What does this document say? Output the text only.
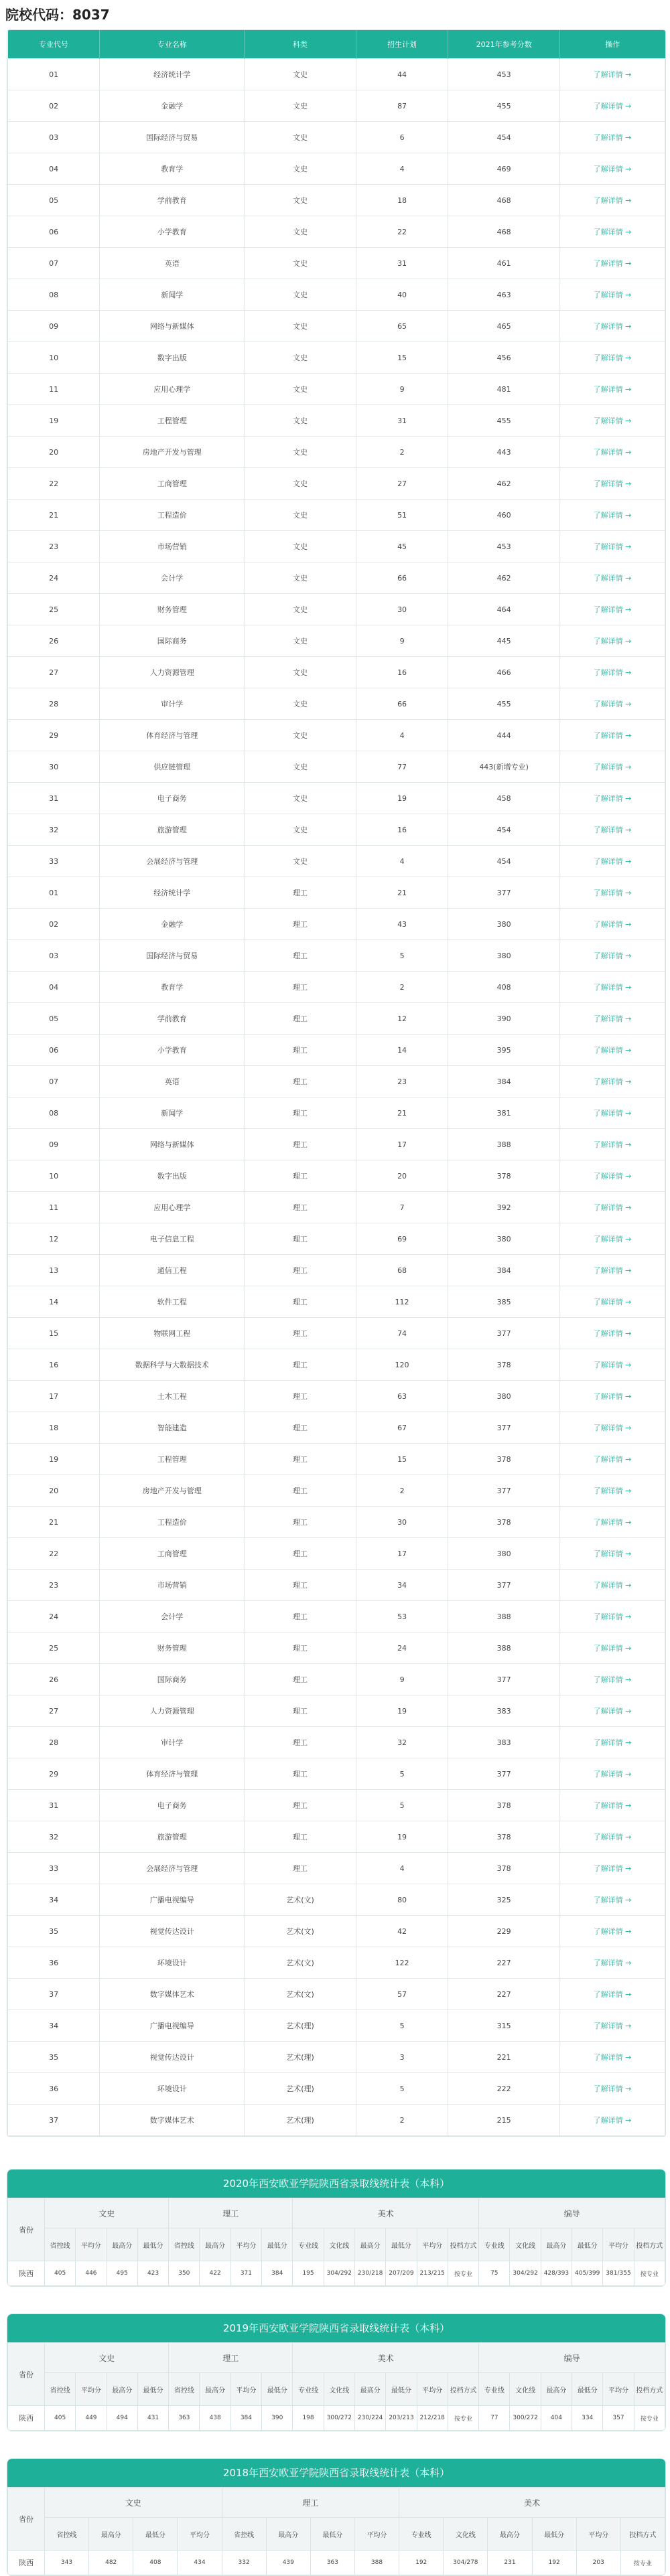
院校代码：8037
专业代号	专业名称	科类	招生计划	2021年参考分数	操作
01	经济统计学	文史	44	453	了解详情 →
02	金融学	文史	87	455	了解详情 →
03	国际经济与贸易	文史	6	454	了解详情 →
04	教育学	文史	4	469	了解详情 →
05	学前教育	文史	18	468	了解详情 →
06	小学教育	文史	22	468	了解详情 →
07	英语	文史	31	461	了解详情 →
08	新闻学	文史	40	463	了解详情 →
09	网络与新媒体	文史	65	465	了解详情 →
10	数字出版	文史	15	456	了解详情 →
11	应用心理学	文史	9	481	了解详情 →
19	工程管理	文史	31	455	了解详情 →
20	房地产开发与管理	文史	2	443	了解详情 →
22	工商管理	文史	27	462	了解详情 →
21	工程造价	文史	51	460	了解详情 →
23	市场营销	文史	45	453	了解详情 →
24	会计学	文史	66	462	了解详情 →
25	财务管理	文史	30	464	了解详情 →
26	国际商务	文史	9	445	了解详情 →
27	人力资源管理	文史	16	466	了解详情 →
28	审计学	文史	66	455	了解详情 →
29	体育经济与管理	文史	4	444	了解详情 →
30	供应链管理	文史	77	443(新增专业)	了解详情 →
31	电子商务	文史	19	458	了解详情 →
32	旅游管理	文史	16	454	了解详情 →
33	会展经济与管理	文史	4	454	了解详情 →
01	经济统计学	理工	21	377	了解详情 →
02	金融学	理工	43	380	了解详情 →
03	国际经济与贸易	理工	5	380	了解详情 →
04	教育学	理工	2	408	了解详情 →
05	学前教育	理工	12	390	了解详情 →
06	小学教育	理工	14	395	了解详情 →
07	英语	理工	23	384	了解详情 →
08	新闻学	理工	21	381	了解详情 →
09	网络与新媒体	理工	17	388	了解详情 →
10	数字出版	理工	20	378	了解详情 →
11	应用心理学	理工	7	392	了解详情 →
12	电子信息工程	理工	69	380	了解详情 →
13	通信工程	理工	68	384	了解详情 →
14	软件工程	理工	112	385	了解详情 →
15	物联网工程	理工	74	377	了解详情 →
16	数据科学与大数据技术	理工	120	378	了解详情 →
17	土木工程	理工	63	380	了解详情 →
18	智能建造	理工	67	377	了解详情 →
19	工程管理	理工	15	378	了解详情 →
20	房地产开发与管理	理工	2	377	了解详情 →
21	工程造价	理工	30	378	了解详情 →
22	工商管理	理工	17	380	了解详情 →
23	市场营销	理工	34	377	了解详情 →
24	会计学	理工	53	388	了解详情 →
25	财务管理	理工	24	388	了解详情 →
26	国际商务	理工	9	377	了解详情 →
27	人力资源管理	理工	19	383	了解详情 →
28	审计学	理工	32	383	了解详情 →
29	体育经济与管理	理工	5	377	了解详情 →
31	电子商务	理工	5	378	了解详情 →
32	旅游管理	理工	19	378	了解详情 →
33	会展经济与管理	理工	4	378	了解详情 →
34	广播电视编导	艺术(文)	80	325	了解详情 →
35	视觉传达设计	艺术(文)	42	229	了解详情 →
36	环境设计	艺术(文)	122	227	了解详情 →
37	数字媒体艺术	艺术(文)	57	227	了解详情 →
34	广播电视编导	艺术(理)	5	315	了解详情 →
35	视觉传达设计	艺术(理)	3	221	了解详情 →
36	环境设计	艺术(理)	5	222	了解详情 →
37	数字媒体艺术	艺术(理)	2	215	了解详情 →
2020年西安欧亚学院陕西省录取线统计表（本科）
省份	文史				理工				美术						编导					
	省控线	平均分	最高分	最低分	省控线	最高分	平均分	最低分	专业线	文化线	最高分	最低分	平均分	投档方式	专业线	文化线	最高分	最低分	平均分	投档方式
陕西	405	446	495	423	350	422	371	384	195	304/292	230/218	207/209	213/215	按专业	75	304/292	428/393	405/399	381/355	按专业
2019年西安欧亚学院陕西省录取线统计表（本科）
省份	文史				理工				美术						编导					
	省控线	平均分	最高分	最低分	省控线	最高分	平均分	最低分	专业线	文化线	最高分	最低分	平均分	投档方式	专业线	文化线	最高分	最低分	平均分	投档方式
陕西	405	449	494	431	363	438	384	390	198	300/272	230/224	203/213	212/218	按专业	77	300/272	404	334	357	按专业
2018年西安欧亚学院陕西省录取线统计表（本科）
省份	文史				理工				美术					
	省控线	最高分	最低分	平均分	省控线	最高分	最低分	平均分	专业线	文化线	最高分	最低分	平均分	投档方式
陕西	343	482	408	434	332	439	363	388	192	304/278	231	192	203	按专业
